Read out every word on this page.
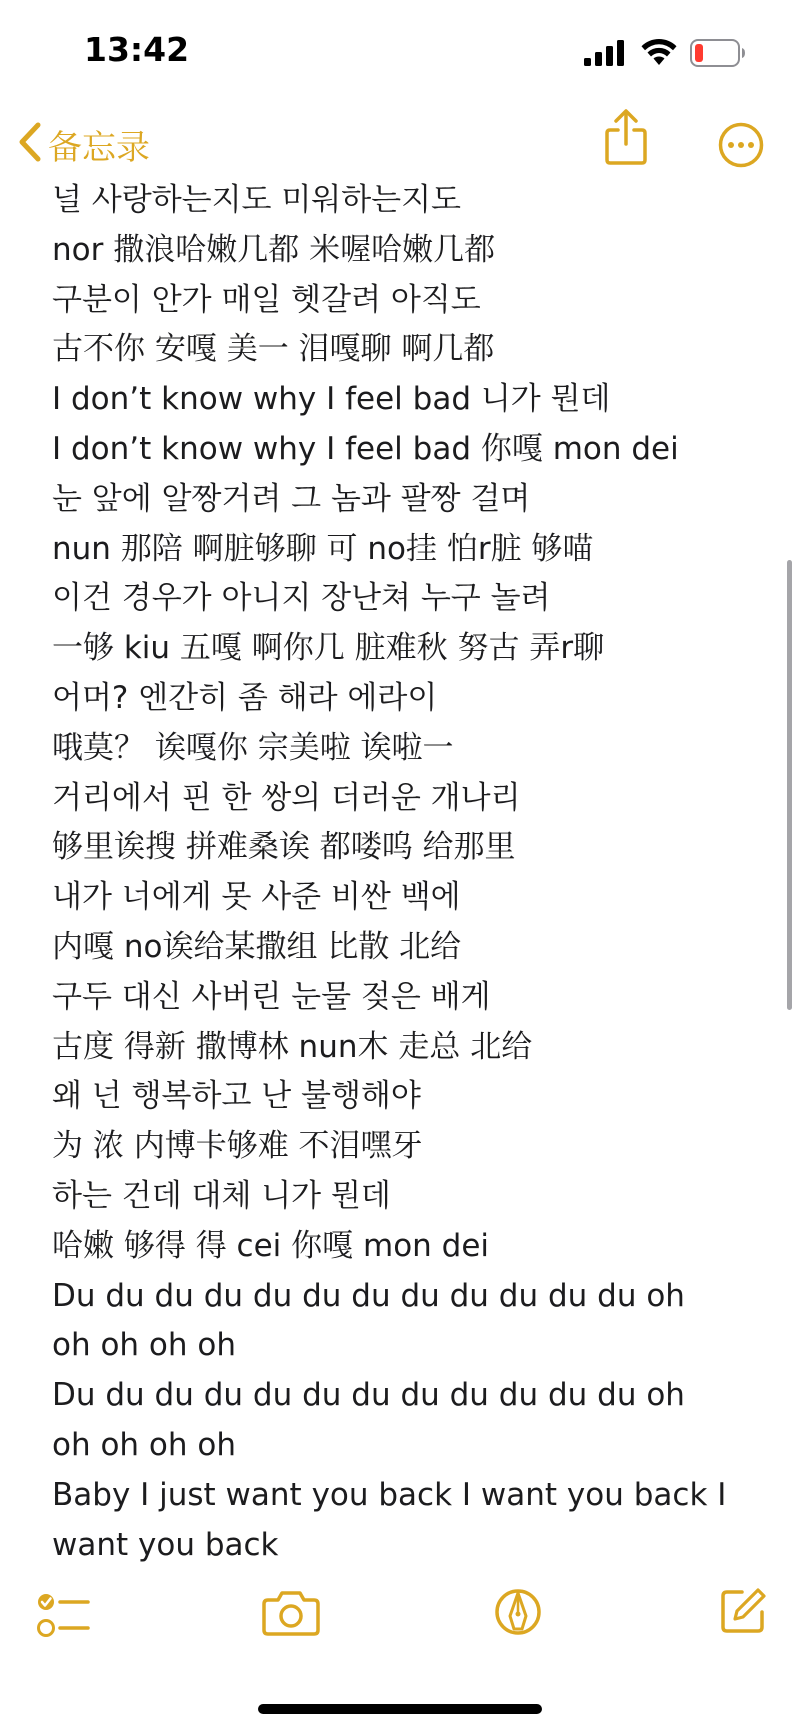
13:42
备忘录
널 사랑하는지도 미워하는지도
nor 撒浪哈嫩几都 米喔哈嫩几都
구분이 안가 매일 헷갈려 아직도
古不你 安嘎 美一 泪嘎聊 啊几都
I don’t know why I feel bad 니가 뭔데
I don’t know why I feel bad 你嘎 mon dei
눈 앞에 알짱거려 그 놈과 팔짱 걸며
nun 那陪 啊脏够聊 可 no挂 怕r脏 够喵
이건 경우가 아니지 장난쳐 누구 놀려
一够 kiu 五嘎 啊你几 脏难秋 努古 弄r聊
어머? 엔간히 좀 해라 에라이
哦莫？ 诶嘎你 宗美啦 诶啦一
거리에서 핀 한 쌍의 더러운 개나리
够里诶搜 拼难桑诶 都喽呜 给那里
내가 너에게 못 사준 비싼 백에
内嘎 no诶给某撒组 比散 北给
구두 대신 사버린 눈물 젖은 배게
古度 得新 撒博林 nun木 走总 北给
왜 넌 행복하고 난 불행해야
为 浓 内博卡够难 不泪嘿牙
하는 건데 대체 니가 뭔데
哈嫩 够得 得 cei 你嘎 mon dei
Du du du du du du du du du du du du oh
oh oh oh oh
Du du du du du du du du du du du du oh
oh oh oh oh
Baby I just want you back I want you back I
want you back
